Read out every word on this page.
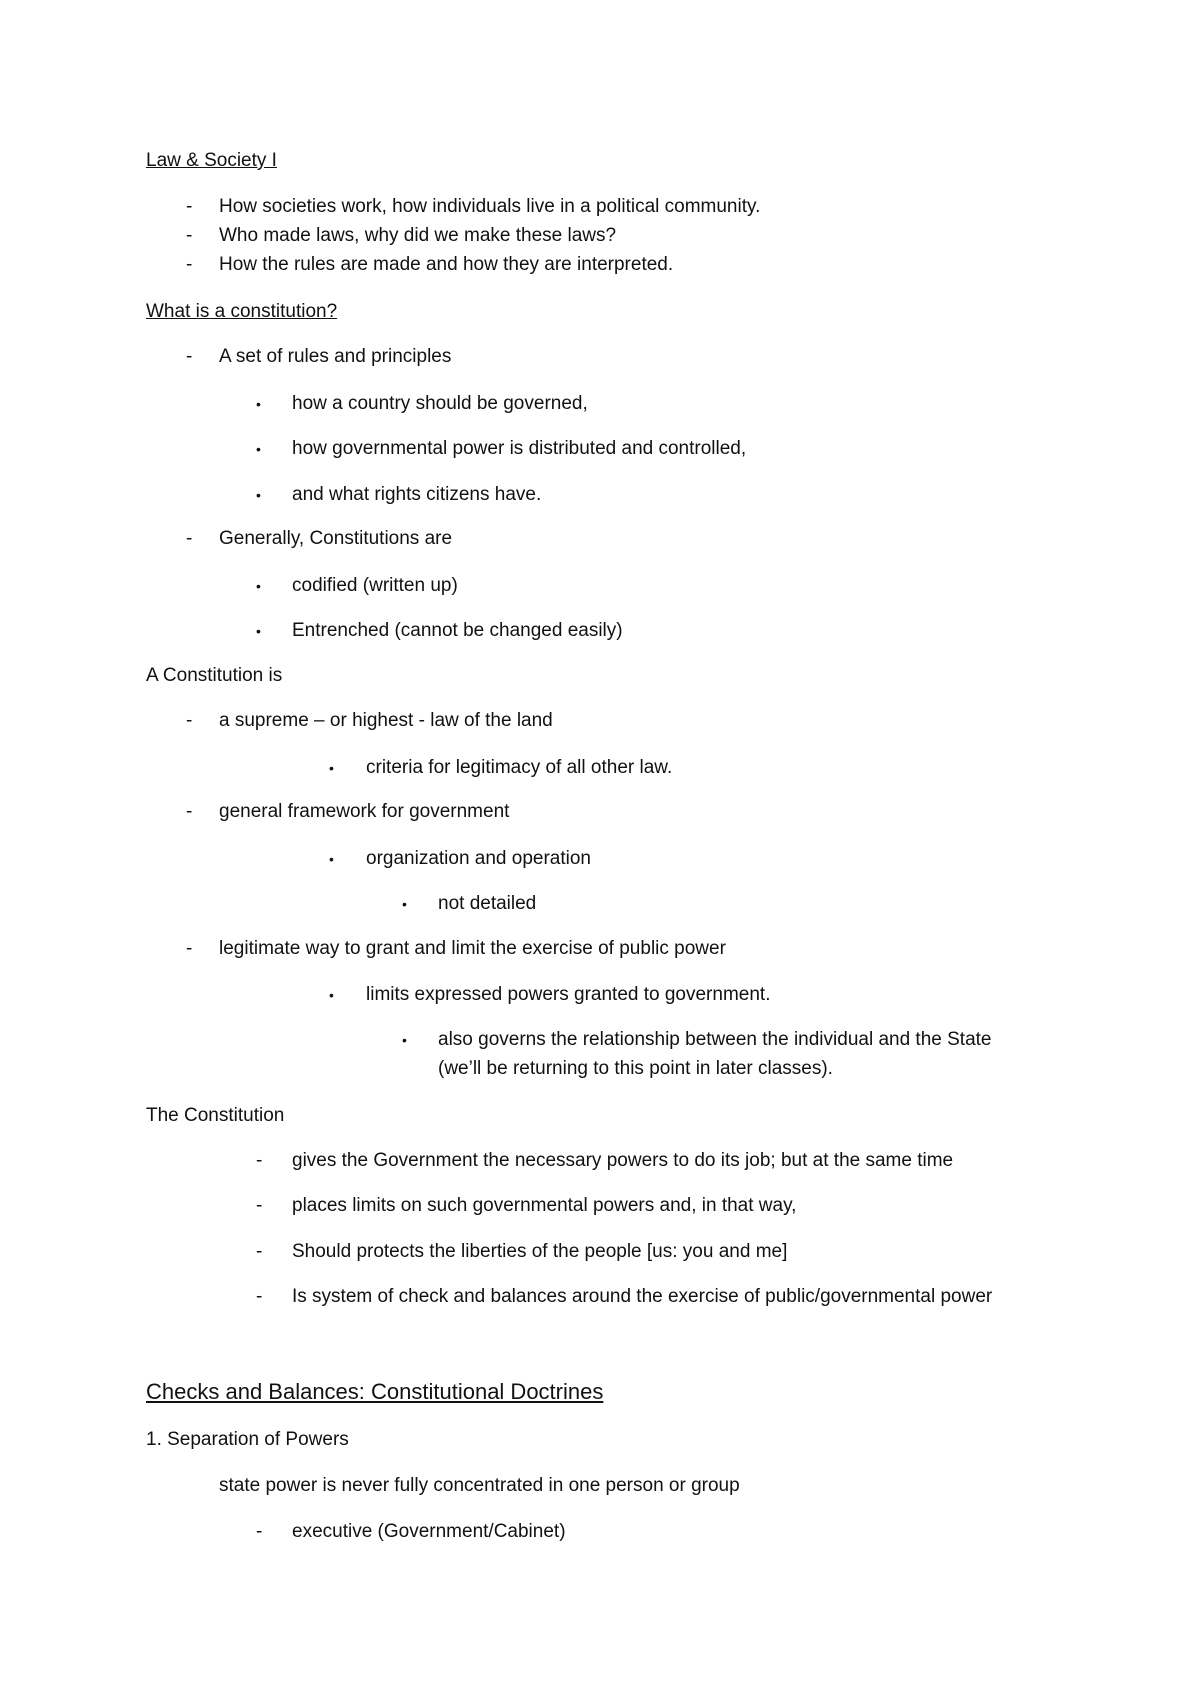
Law & Society I
- How societies work, how individuals live in a political community.
- Who made laws, why did we make these laws?
- How the rules are made and how they are interpreted.
What is a constitution?
- A set of rules and principles
• how a country should be governed,
• how governmental power is distributed and controlled,
• and what rights citizens have.
- Generally, Constitutions are
• codified (written up)
• Entrenched (cannot be changed easily)
A Constitution is
- a supreme – or highest - law of the land
• criteria for legitimacy of all other law.
- general framework for government
• organization and operation
• not detailed
- legitimate way to grant and limit the exercise of public power
• limits expressed powers granted to government.
• also governs the relationship between the individual and the State
(we’ll be returning to this point in later classes).
The Constitution
- gives the Government the necessary powers to do its job; but at the same time
- places limits on such governmental powers and, in that way,
- Should protects the liberties of the people [us: you and me]
- Is system of check and balances around the exercise of public/governmental power
Checks and Balances: Constitutional Doctrines
1. Separation of Powers
state power is never fully concentrated in one person or group
- executive (Government/Cabinet)
